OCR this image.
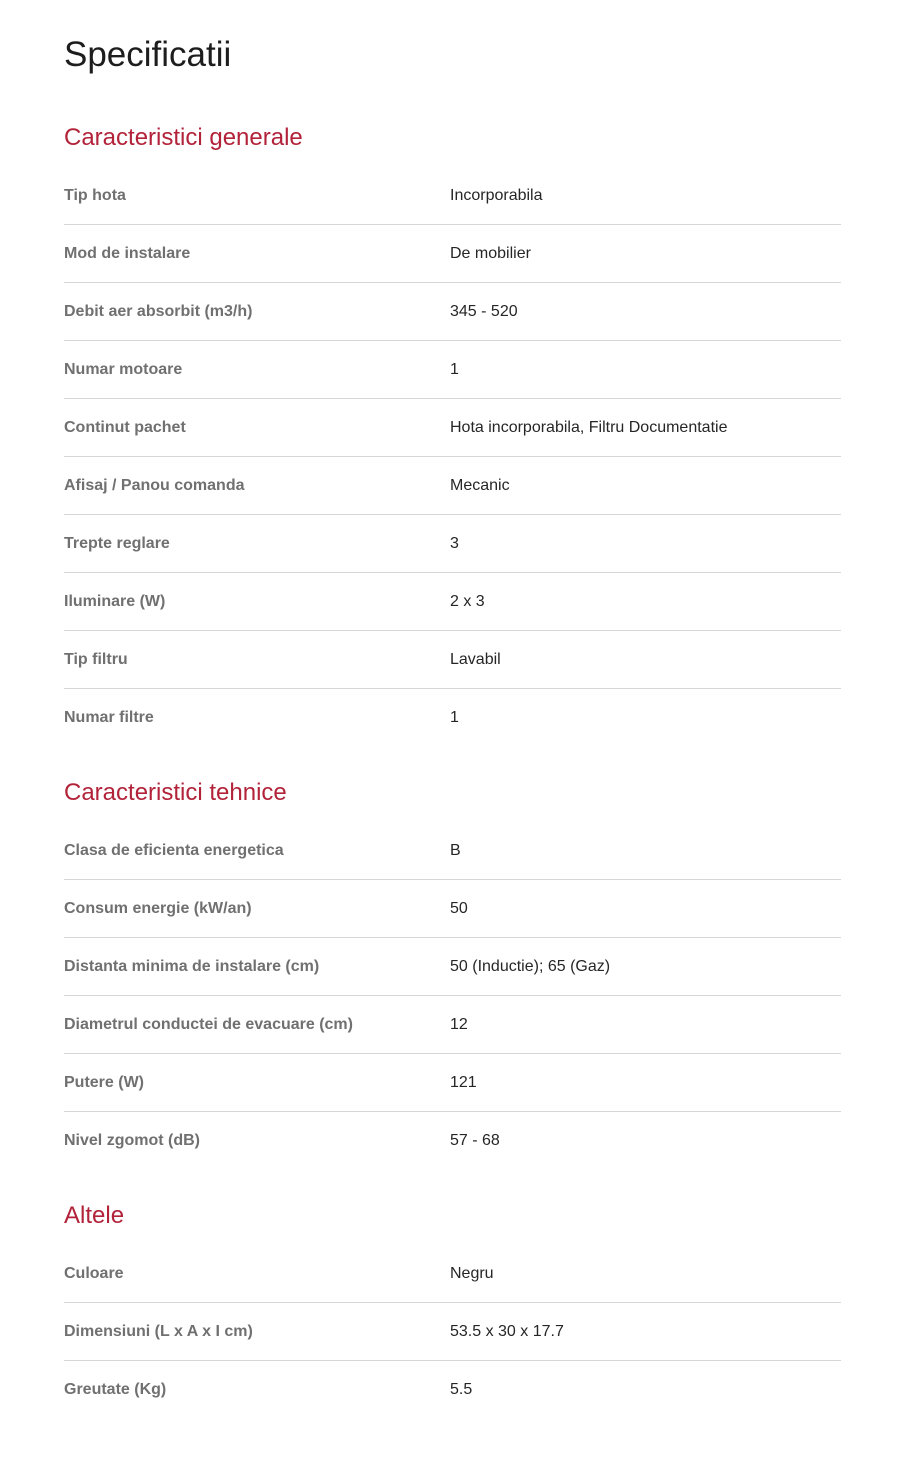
Specificatii
Caracteristici generale
Tip hota	Incorporabila
Mod de instalare	De mobilier
Debit aer absorbit (m3/h)	345 - 520
Numar motoare	1
Continut pachet	Hota incorporabila, Filtru Documentatie
Afisaj / Panou comanda	Mecanic
Trepte reglare	3
Iluminare (W)	2 x 3
Tip filtru	Lavabil
Numar filtre	1
Caracteristici tehnice
Clasa de eficienta energetica	B
Consum energie (kW/an)	50
Distanta minima de instalare (cm)	50 (Inductie); 65 (Gaz)
Diametrul conductei de evacuare (cm)	12
Putere (W)	121
Nivel zgomot (dB)	57 - 68
Altele
Culoare	Negru
Dimensiuni (L x A x I cm)	53.5 x 30 x 17.7
Greutate (Kg)	5.5
